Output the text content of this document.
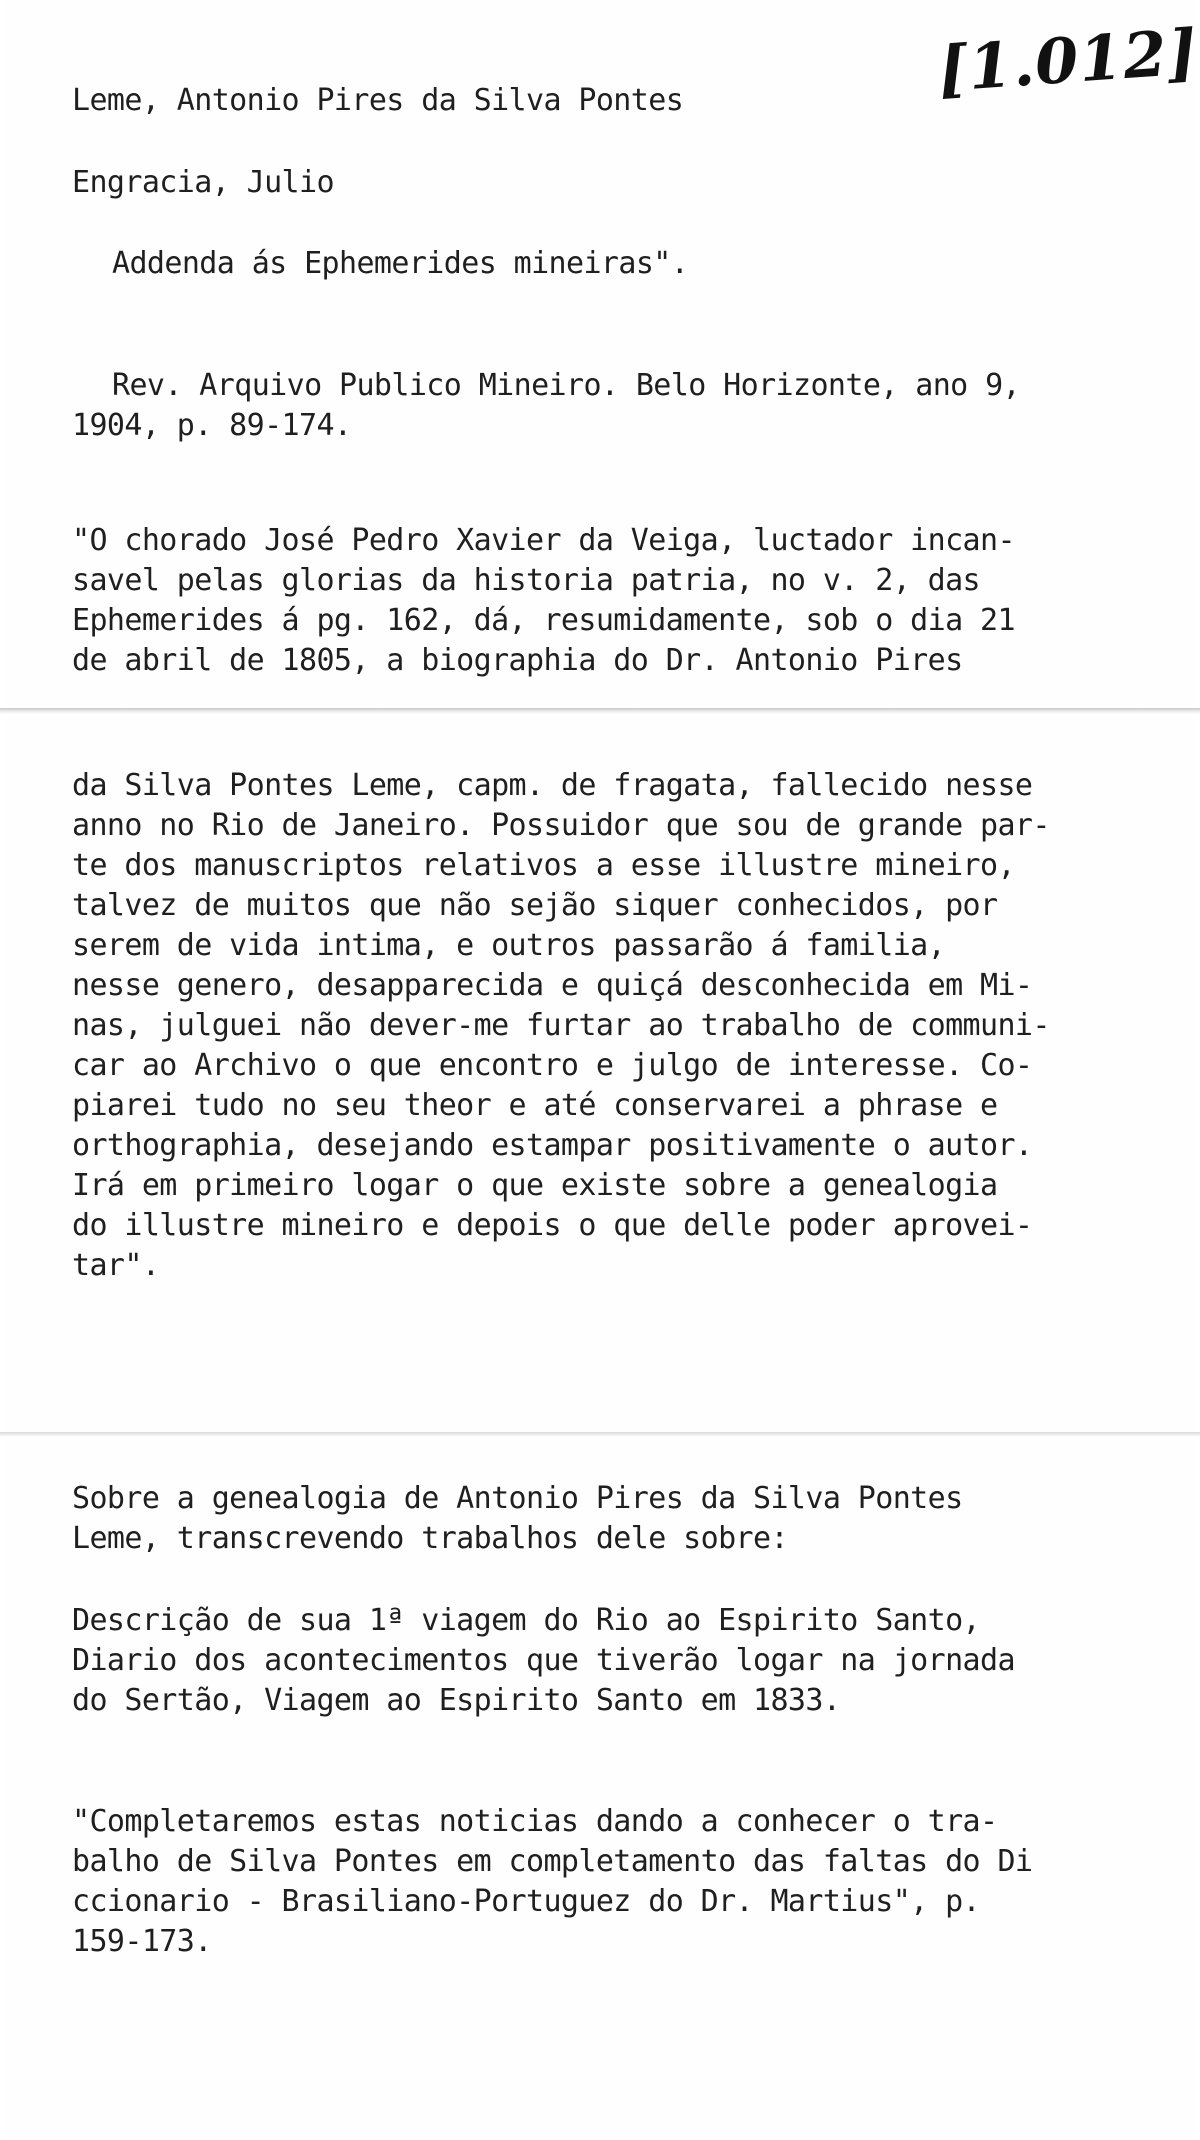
[1.012]
Leme, Antonio Pires da Silva Pontes
Engracia, Julio
Addenda ás Ephemerides mineiras".
Rev. Arquivo Publico Mineiro. Belo Horizonte, ano 9,
1904, p. 89-174.

"O chorado José Pedro Xavier da Veiga, luctador incan-
savel pelas glorias da historia patria, no v. 2, das
Ephemerides á pg. 162, dá, resumidamente, sob o dia 21
de abril de 1805, a biographia do Dr. Antonio Pires

da Silva Pontes Leme, capm. de fragata, fallecido nesse
anno no Rio de Janeiro. Possuidor que sou de grande par-
te dos manuscriptos relativos a esse illustre mineiro,
talvez de muitos que não sejão siquer conhecidos, por
serem de vida intima, e outros passarão á familia,
nesse genero, desapparecida e quiçá desconhecida em Mi-
nas, julguei não dever-me furtar ao trabalho de communi-
car ao Archivo o que encontro e julgo de interesse. Co-
piarei tudo no seu theor e até conservarei a phrase e
orthographia, desejando estampar positivamente o autor.
Irá em primeiro logar o que existe sobre a genealogia
do illustre mineiro e depois o que delle poder aprovei-
tar".

Sobre a genealogia de Antonio Pires da Silva Pontes
Leme, transcrevendo trabalhos dele sobre:

Descrição de sua 1ª viagem do Rio ao Espirito Santo,
Diario dos acontecimentos que tiverão logar na jornada
do Sertão, Viagem ao Espirito Santo em 1833.

"Completaremos estas noticias dando a conhecer o tra-
balho de Silva Pontes em completamento das faltas do Di
ccionario - Brasiliano-Portuguez do Dr. Martius", p.
159-173.
